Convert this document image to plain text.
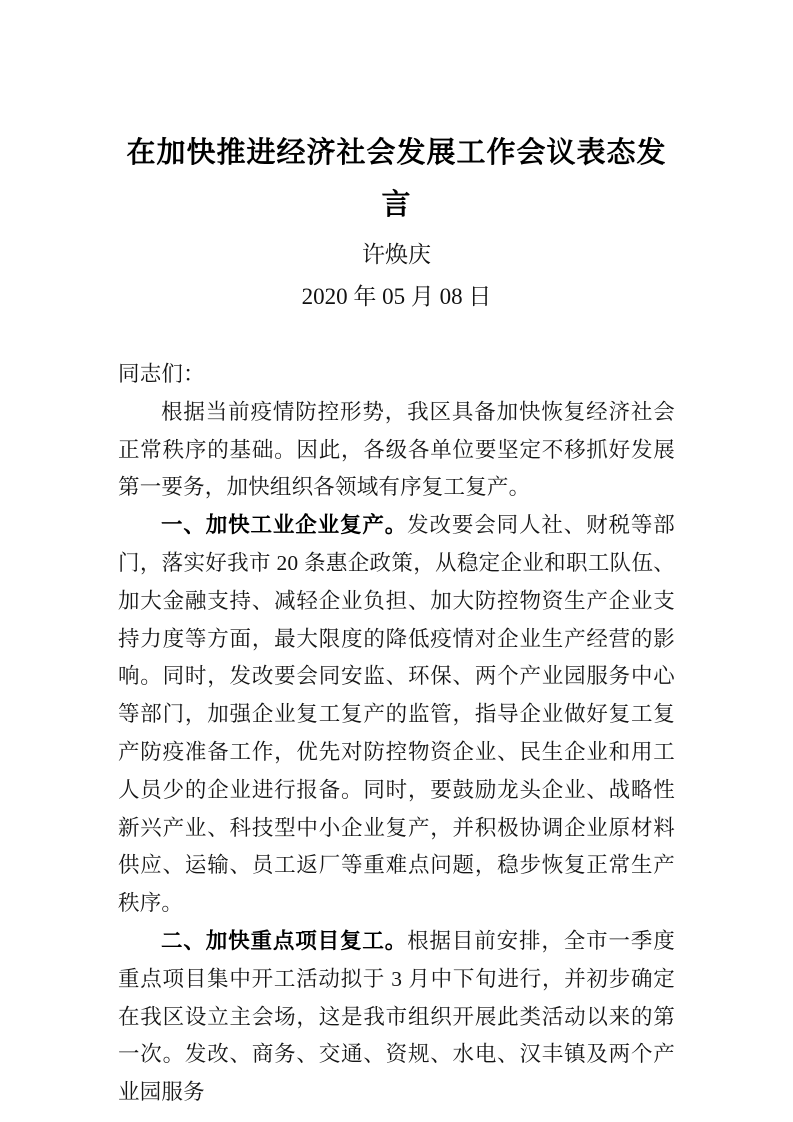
在加快推进经济社会发展工作会议表态发
言
许焕庆
2020 年 05 月 08 日

同志们：

根据当前疫情防控形势，我区具备加快恢复经济社会正常秩序的基础。因此，各级各单位要坚定不移抓好发展第一要务，加快组织各领域有序复工复产。

一、加快工业企业复产。发改要会同人社、财税等部门，落实好我市 20 条惠企政策，从稳定企业和职工队伍、加大金融支持、减轻企业负担、加大防控物资生产企业支持力度等方面，最大限度的降低疫情对企业生产经营的影响。同时，发改要会同安监、环保、两个产业园服务中心等部门，加强企业复工复产的监管，指导企业做好复工复产防疫准备工作，优先对防控物资企业、民生企业和用工人员少的企业进行报备。同时，要鼓励龙头企业、战略性新兴产业、科技型中小企业复产，并积极协调企业原材料供应、运输、员工返厂等重难点问题，稳步恢复正常生产秩序。

二、加快重点项目复工。根据目前安排，全市一季度重点项目集中开工活动拟于 3 月中下旬进行，并初步确定在我区设立主会场，这是我市组织开展此类活动以来的第一次。发改、商务、交通、资规、水电、汉丰镇及两个产业园服务
